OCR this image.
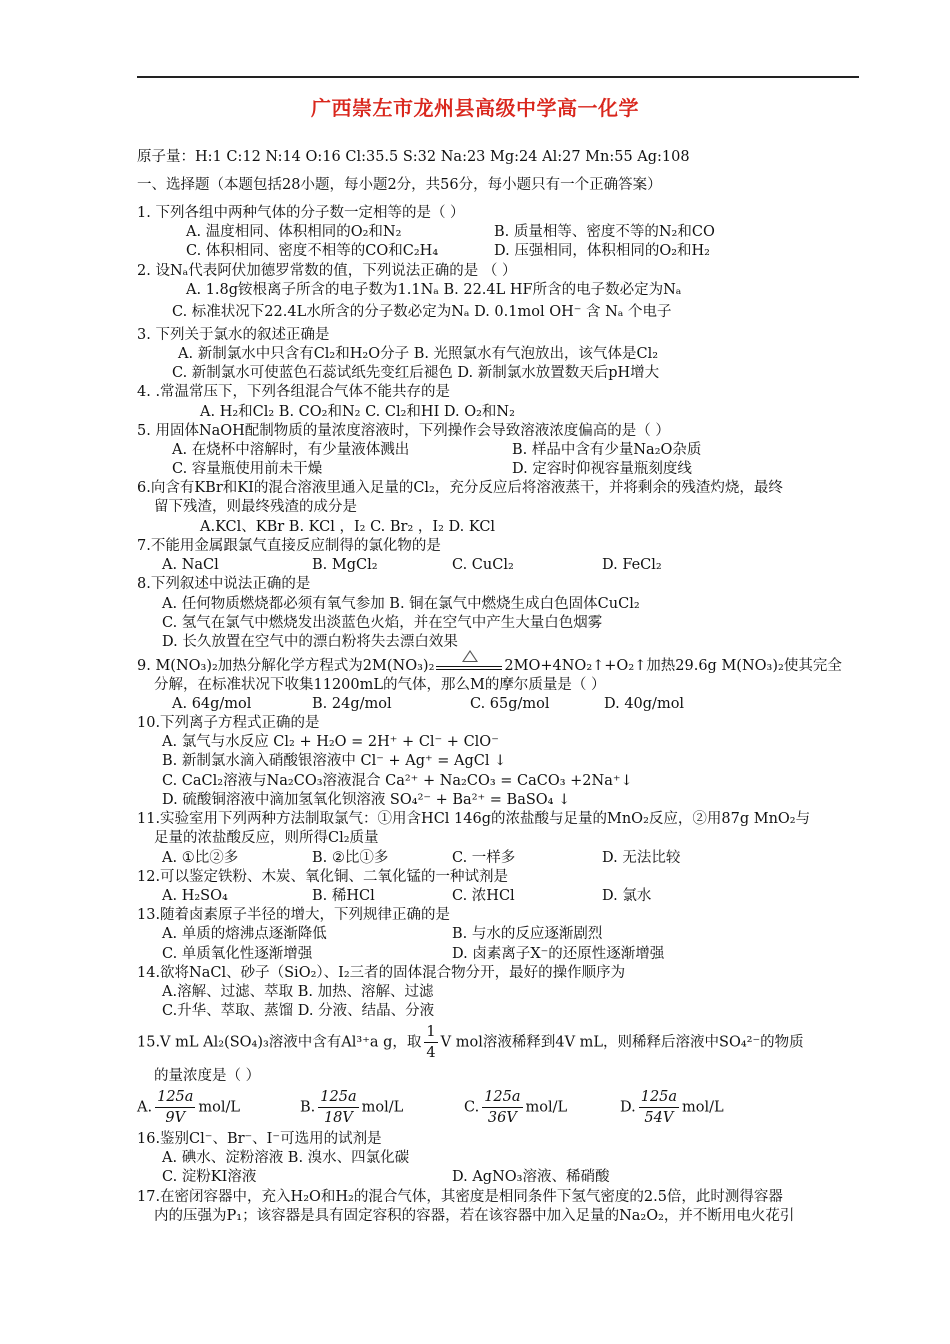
广西崇左市龙州县高级中学高一化学
原子量：H:1 C:12 N:14 O:16 Cl:35.5 S:32 Na:23 Mg:24 Al:27 Mn:55 Ag:108
一、选择题（本题包括28小题，每小题2分，共56分，每小题只有一个正确答案）
1. 下列各组中两种气体的分子数一定相等的是（ ）
A. 温度相同、体积相同的O₂和N₂	B. 质量相等、密度不等的N₂和CO
C. 体积相同、密度不相等的CO和C₂H₄	D. 压强相同，体积相同的O₂和H₂
2. 设Nₐ代表阿伏加德罗常数的值，下列说法正确的是 （ ）
A. 1.8g铵根离子所含的电子数为1.1Nₐ B. 22.4L HF所含的电子数必定为Nₐ
C. 标准状况下22.4L水所含的分子数必定为Nₐ D. 0.1mol OH⁻ 含 Nₐ 个电子
3. 下列关于氯水的叙述正确是
A. 新制氯水中只含有Cl₂和H₂O分子 B. 光照氯水有气泡放出，该气体是Cl₂
C. 新制氯水可使蓝色石蕊试纸先变红后褪色 D. 新制氯水放置数天后pH增大
4. .常温常压下，下列各组混合气体不能共存的是
A. H₂和Cl₂ B. CO₂和N₂ C. Cl₂和HI D. O₂和N₂
5. 用固体NaOH配制物质的量浓度溶液时，下列操作会导致溶液浓度偏高的是（ ）
A. 在烧杯中溶解时，有少量液体溅出	B. 样品中含有少量Na₂O杂质
C. 容量瓶使用前未干燥	D. 定容时仰视容量瓶刻度线
6.向含有KBr和KI的混合溶液里通入足量的Cl₂，充分反应后将溶液蒸干，并将剩余的残渣灼烧，最终
留下残渣，则最终残渣的成分是
A.KCl、KBr B. KCl ，I₂ C. Br₂ ，I₂ D. KCl
7.不能用金属跟氯气直接反应制得的氯化物的是
A. NaCl	B. MgCl₂	C. CuCl₂	D. FeCl₂
8.下列叙述中说法正确的是
A. 任何物质燃烧都必须有氧气参加 B. 铜在氯气中燃烧生成白色固体CuCl₂
C. 氢气在氯气中燃烧发出淡蓝色火焰，并在空气中产生大量白色烟雾
D. 长久放置在空气中的漂白粉将失去漂白效果
9. M(NO₃)₂加热分解化学方程式为2M(NO₃)₂	2MO+4NO₂↑+O₂↑加热29.6g M(NO₃)₂使其完全
分解，在标准状况下收集11200mL的气体，那么M的摩尔质量是（ ）
A. 64g/mol	B. 24g/mol	C. 65g/mol	D. 40g/mol
10.下列离子方程式正确的是
A. 氯气与水反应 Cl₂ + H₂O = 2H⁺ + Cl⁻ + ClO⁻
B. 新制氯水滴入硝酸银溶液中 Cl⁻ + Ag⁺ = AgCl ↓
C. CaCl₂溶液与Na₂CO₃溶液混合 Ca²⁺ + Na₂CO₃ = CaCO₃ +2Na⁺↓
D. 硫酸铜溶液中滴加氢氧化钡溶液 SO₄²⁻ + Ba²⁺ = BaSO₄ ↓
11.实验室用下列两种方法制取氯气：①用含HCl 146g的浓盐酸与足量的MnO₂反应，②用87g MnO₂与
足量的浓盐酸反应，则所得Cl₂质量
A. ①比②多	B. ②比①多	C. 一样多	D. 无法比较
12.可以鉴定铁粉、木炭、氧化铜、二氧化锰的一种试剂是
A. H₂SO₄	B. 稀HCl	C. 浓HCl	D. 氯水
13.随着卤素原子半径的增大，下列规律正确的是
A. 单质的熔沸点逐渐降低	B. 与水的反应逐渐剧烈
C. 单质氧化性逐渐增强	D. 卤素离子X⁻的还原性逐渐增强
14.欲将NaCl、砂子（SiO₂）、I₂三者的固体混合物分开，最好的操作顺序为
A.溶解、过滤、萃取 B. 加热、溶解、过滤
C.升华、萃取、蒸馏 D. 分液、结晶、分液
15.V mL Al₂(SO₄)₃溶液中含有Al³⁺a g，取 $\frac{1}{4}$ V mol溶液稀释到4V mL，则稀释后溶液中SO₄²⁻的物质
的量浓度是（ ）
A. $\frac{125a}{9V} mol/L$	B. $\frac{125a}{18V} mol/L$	C. $\frac{125a}{36V} mol/L$	D. $\frac{125a}{54V} mol/L$
16.鉴别Cl⁻、Br⁻、I⁻可选用的试剂是
A. 碘水、淀粉溶液 B. 溴水、四氯化碳
C. 淀粉KI溶液	D. AgNO₃溶液、稀硝酸
17.在密闭容器中，充入H₂O和H₂的混合气体，其密度是相同条件下氢气密度的2.5倍，此时测得容器
内的压强为P₁；该容器是具有固定容积的容器，若在该容器中加入足量的Na₂O₂，并不断用电火花引
